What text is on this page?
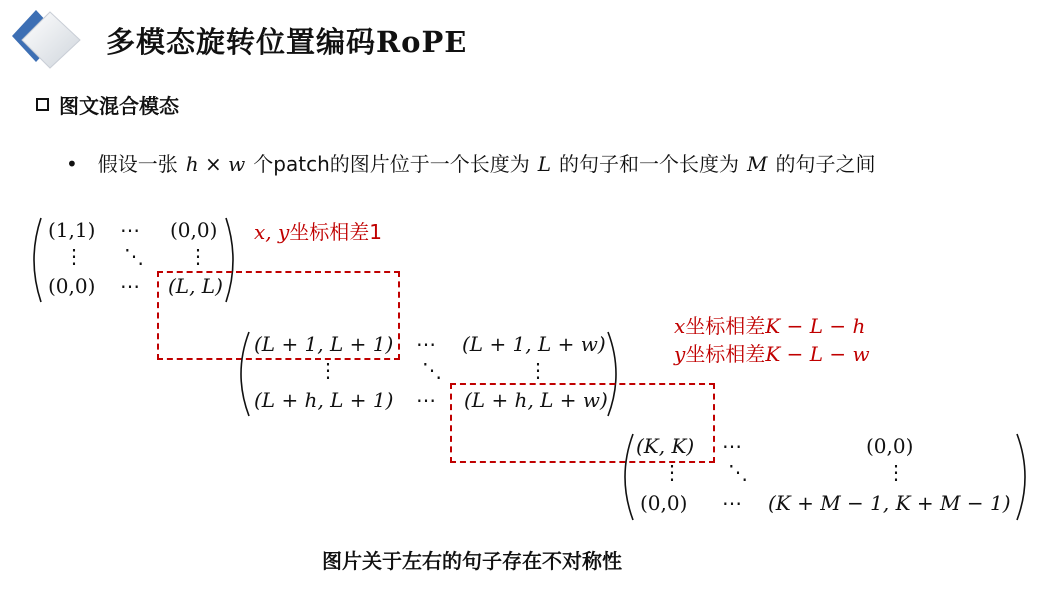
多模态旋转位置编码RoPE
图文混合模态
• 假设一张 h × w 个patch的图片位于一个长度为 L 的句子和一个长度为 M 的句子之间
(1,1) ⋯ (0,0)
⋮ ⋱ ⋮
(0,0) ⋯ (L, L)
x, y坐标相差1
(L + 1, L + 1) ⋯ (L + 1, L + w)
⋮	⋱	⋮
(L + h, L + 1) ⋯ (L + h, L + w)
x坐标相差K − L − h
y坐标相差K − L − w
(K, K) ⋯	(0,0)
⋮ ⋱	⋮
(0,0) ⋯ (K + M − 1, K + M − 1)
图片关于左右的句子存在不对称性
